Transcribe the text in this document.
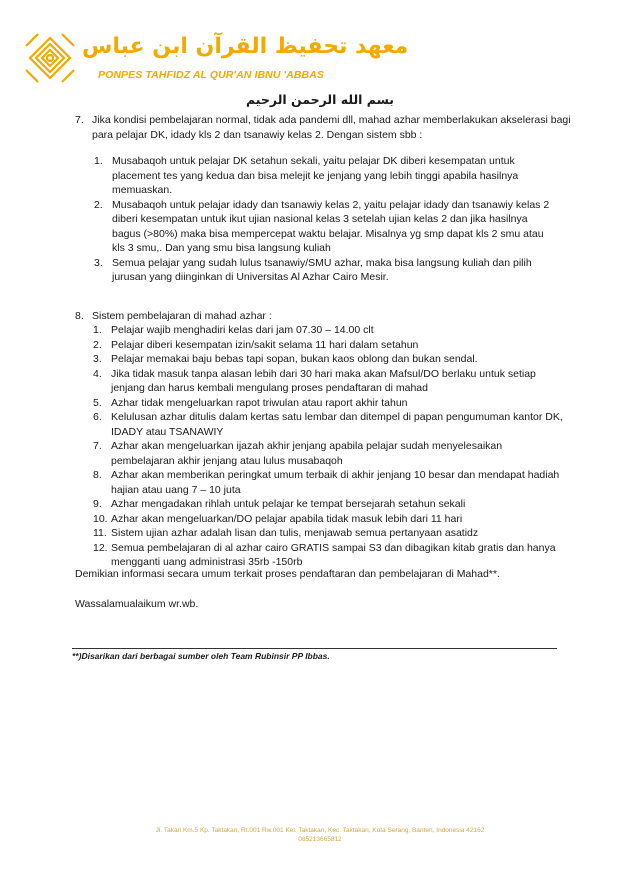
معهد تحفيظ القرآن ابن عباس
PONPES TAHFIDZ AL QUR'AN IBNU 'ABBAS
بسم الله الرحمن الرحيم
7. Jika kondisi pembelajaran normal, tidak ada pandemi dll, mahad azhar memberlakukan akselerasi bagi para pelajar DK, idady kls 2 dan tsanawiy kelas 2. Dengan sistem sbb :
1. Musabaqoh untuk pelajar DK setahun sekali, yaitu pelajar DK diberi kesempatan untuk placement tes yang kedua dan bisa melejit ke jenjang yang lebih tinggi apabila hasilnya memuaskan.
2. Musabaqoh untuk pelajar idady dan tsanawiy kelas 2, yaitu pelajar idady dan tsanawiy kelas 2 diberi kesempatan untuk ikut ujian nasional kelas 3 setelah ujian kelas 2 dan jika hasilnya bagus (>80%) maka bisa mempercepat waktu belajar. Misalnya yg smp dapat kls 2 smu atau kls 3 smu,. Dan yang smu bisa langsung kuliah
3. Semua pelajar yang sudah lulus tsanawiy/SMU azhar, maka bisa langsung kuliah dan pilih jurusan yang diinginkan di Universitas Al Azhar Cairo Mesir.
8. Sistem pembelajaran di mahad azhar :
1. Pelajar wajib menghadiri kelas dari jam 07.30 – 14.00 clt
2. Pelajar diberi kesempatan izin/sakit selama 11 hari dalam setahun
3. Pelajar memakai baju bebas tapi sopan, bukan kaos oblong dan bukan sendal.
4. Jika tidak masuk tanpa alasan lebih dari 30 hari maka akan Mafsul/DO berlaku untuk setiap jenjang dan harus kembali mengulang proses pendaftaran di mahad
5. Azhar tidak mengeluarkan rapot triwulan atau raport akhir tahun
6. Kelulusan azhar ditulis dalam kertas satu lembar dan ditempel di papan pengumuman kantor DK, IDADY atau TSANAWIY
7. Azhar akan mengeluarkan ijazah akhir jenjang apabila pelajar sudah menyelesaikan pembelajaran akhir jenjang atau lulus musabaqoh
8. Azhar akan memberikan peringkat umum terbaik di akhir jenjang 10 besar dan mendapat hadiah hajian atau uang 7 – 10 juta
9. Azhar mengadakan rihlah untuk pelajar ke tempat bersejarah setahun sekali
10. Azhar akan mengeluarkan/DO pelajar apabila tidak masuk lebih dari 11 hari
11. Sistem ujian azhar adalah lisan dan tulis, menjawab semua pertanyaan asatidz
12. Semua pembelajaran di al azhar cairo GRATIS sampai S3 dan dibagikan kitab gratis dan hanya mengganti uang administrasi 35rb -150rb
Demikian informasi secara umum terkait proses pendaftaran dan pembelajaran di Mahad**.
Wassalamualaikum wr.wb.
**)Disarikan dari berbagai sumber oleh Team Rubinsir PP Ibbas.
Jl. Takari Km.5 Kp. Taktakan, Rt.001 Rw.001 Kel. Taktakan, Kec. Taktakan, Kota Serang, Banten, Indonesia 42162
085213665812
